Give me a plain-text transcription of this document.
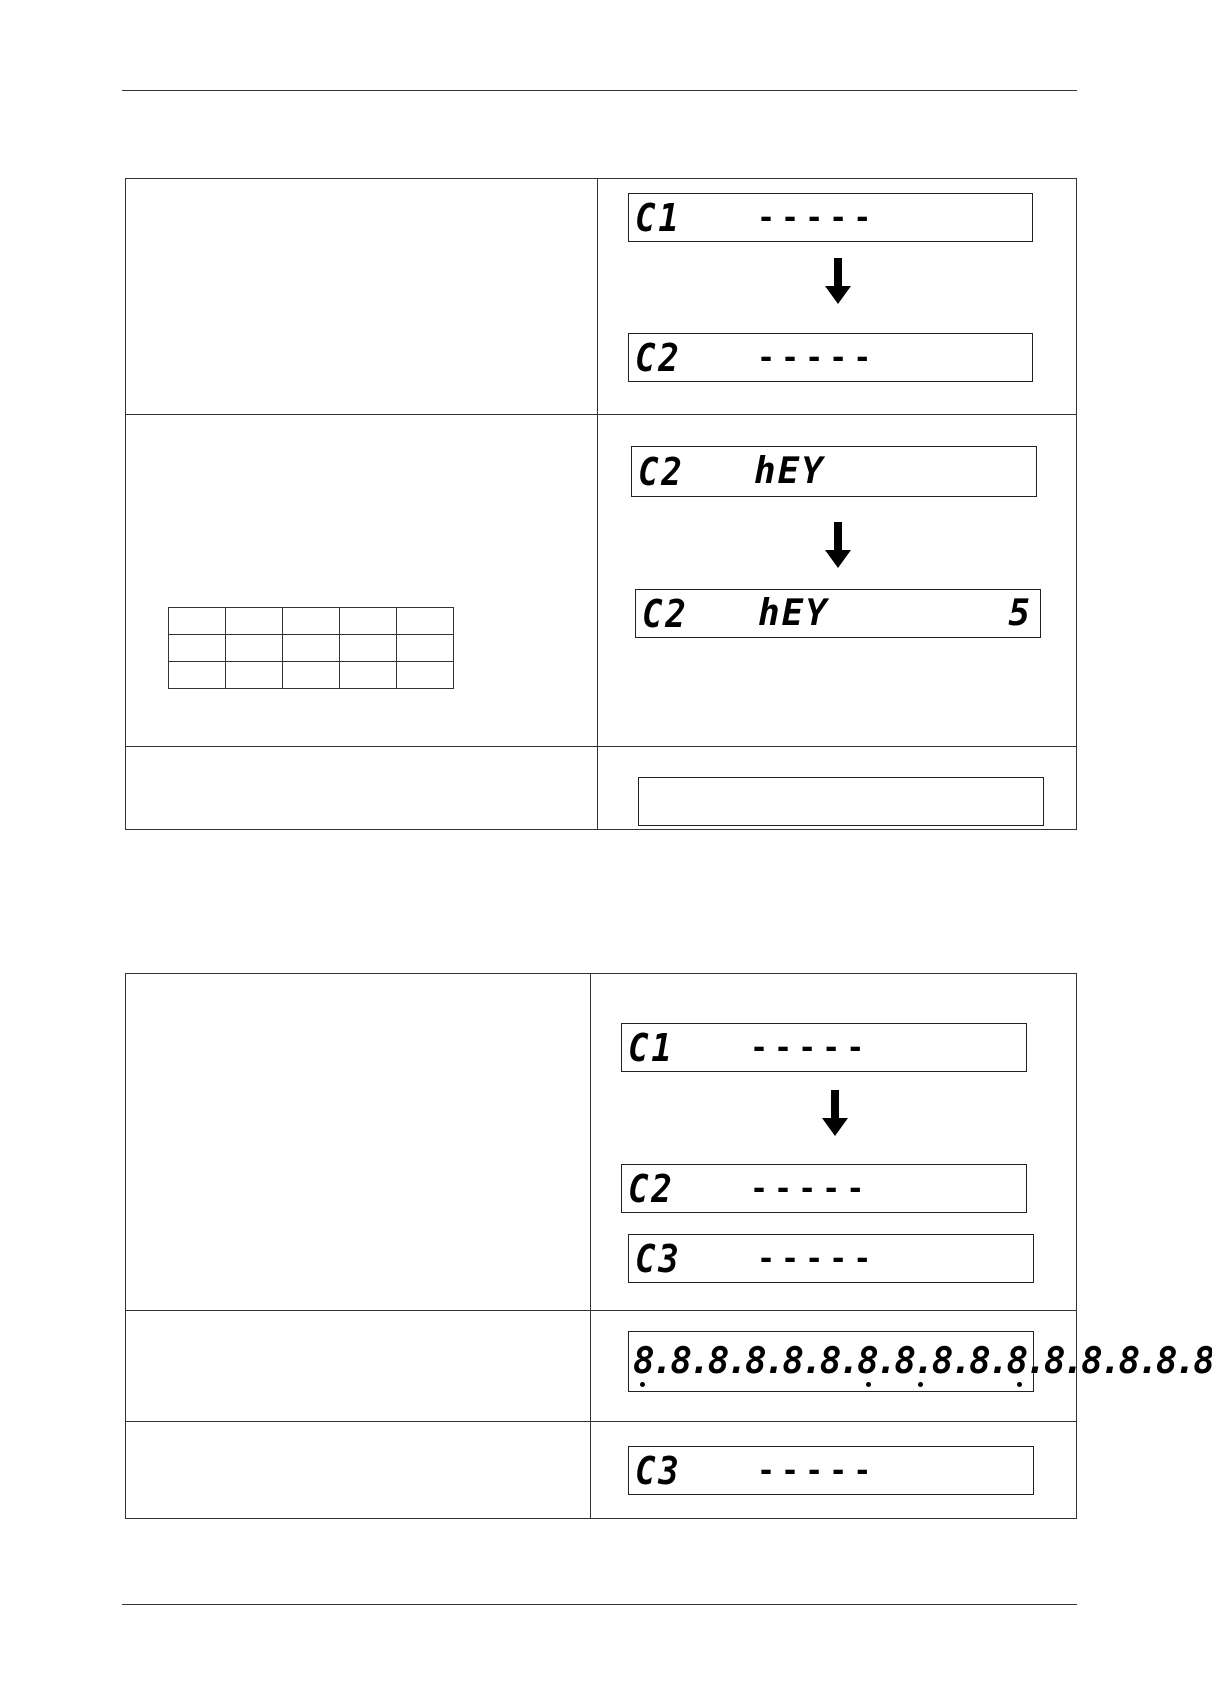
C1	-----
C2	-----

C2 hEY
C2 hEY	5
C1	-----
C2	-----
C3	-----
8.8.8.8.8.8.8.8.8.8.8.8.8.8.8.8
C3	-----
